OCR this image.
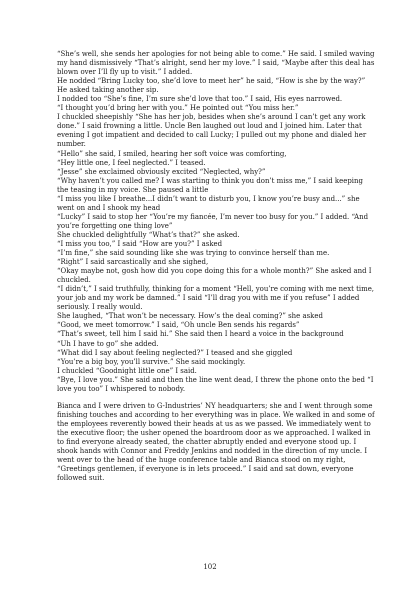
“She’s well, she sends her apologies for not being able to come.” He said. I smiled waving my hand dismissively “That’s alright, send her my love.” I said, “Maybe after this deal has blown over I’ll fly up to visit.” I added.

He nodded “Bring Lucky too, she’d love to meet her” he said, “How is she by the way?” He asked taking another sip.

I nodded too “She’s fine, I’m sure she’d love that too.” I said, His eyes narrowed.

“I thought you’d bring her with you.” He pointed out “You miss her.”

I chuckled sheepishly “She has her job, besides when she’s around I can’t get any work done.” I said frowning a little. Uncle Ben laughed out loud and I joined him. Later that evening I got impatient and decided to call Lucky; I pulled out my phone and dialed her number.

“Hello” she said, I smiled, hearing her soft voice was comforting,

“Hey little one, I feel neglected.” I teased.

“Jesse” she exclaimed obviously excited “Neglected, why?”

“Why haven’t you called me? I was starting to think you don’t miss me,” I said keeping the teasing in my voice. She paused a little

“I miss you like I breathe...I didn’t want to disturb you, I know you’re busy and...” she went on and I shook my head

“Lucky” I said to stop her “You’re my fiancée, I’m never too busy for you.” I added. “And you’re forgetting one thing love”

She chuckled delightfully “What’s that?” she asked.

“I miss you too,” I said “How are you?” I asked

“I’m fine,” she said sounding like she was trying to convince herself than me.

“Right” I said sarcastically and she sighed,

“Okay maybe not, gosh how did you cope doing this for a whole month?” She asked and I chuckled.

“I didn’t,” I said truthfully, thinking for a moment “Hell, you’re coming with me next time, your job and my work be damned.” I said “I’ll drag you with me if you refuse” I added seriously. I really would.

She laughed, “That won’t be necessary. How’s the deal coming?” she asked

“Good, we meet tomorrow.” I said, “Oh uncle Ben sends his regards”

“That’s sweet, tell him I said hi.” She said then I heard a voice in the background

“Uh I have to go” she added.

“What did I say about feeling neglected?” I teased and she giggled

“You’re a big boy, you’ll survive.” She said mockingly.

I chuckled “Goodnight little one” I said.

“Bye, I love you.” She said and then the line went dead, I threw the phone onto the bed “I love you too” I whispered to nobody.

Bianca and I were driven to G-Industries’ NY headquarters; she and I went through some finishing touches and according to her everything was in place. We walked in and some of the employees reverently bowed their heads at us as we passed. We immediately went to the executive floor; the usher opened the boardroom door as we approached. I walked in to find everyone already seated, the chatter abruptly ended and everyone stood up. I shook hands with Connor and Freddy Jenkins and nodded in the direction of my uncle. I went over to the head of the huge conference table and Bianca stood on my right,

“Greetings gentlemen, if everyone is in lets proceed.” I said and sat down, everyone followed suit.

102
